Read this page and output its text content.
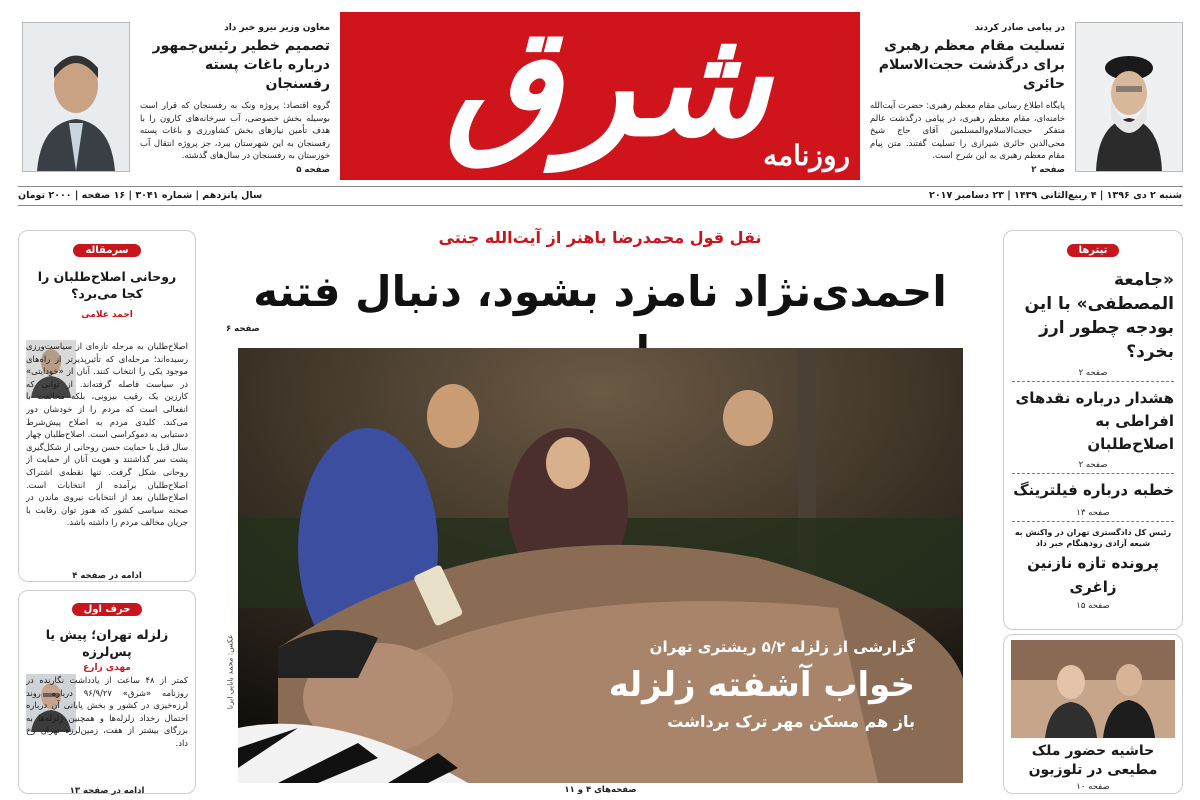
در پیامی صادر کردند
تسلیت مقام معظم رهبری برای درگذشت حجت‌الاسلام حائری
پایگاه اطلاع رسانی مقام معظم رهبری: حضرت آیت‌الله خامنه‌ای، مقام معظم رهبری، در پیامی درگذشت عالم متفکر حجت‌الاسلام‌والمسلمین آقای حاج شیخ محی‌الدین حائری شیرازی را تسلیت گفتند. متن پیام مقام معظم رهبری به این شرح است.
صفحه ۲
شرق
روزنامه
معاون وزیر نیرو خبر داد
تصمیم خطیر رئیس‌جمهور درباره باغات پسته رفسنجان
گروه اقتصاد: پروژه ونک به رفسنجان که قرار است بوسیله بخش خصوصی، آب سرخانه‌های کارون را با هدف تأمین نیازهای بخش کشاورزی و باغات پسته رفسنجان به این شهرستان ببرد، جز پروژه انتقال آب خوزستان به رفسنجان در سال‌های گذشته.
صفحه ۵
شنبه ۲ دی ۱۳۹۶ | ۴ ربیع‌الثانی ۱۴۳۹ | ۲۳ دسامبر ۲۰۱۷
سال پانزدهم | شماره ۳۰۴۱ | ۱۶ صفحه | ۲۰۰۰ تومان
تیترها
«جامعة المصطفی» با این بودجه چطور ارز بخرد؟
صفحه ۲
هشدار درباره نقدهای افراطی به اصلاح‌طلبان
صفحه ۲
خطبه درباره فیلترینگ
صفحه ۱۳
رئیس کل دادگستری تهران در واکنش به شیعه آزادی زودهنگام خبر داد
پرونده تازه نازنین زاغری
صفحه ۱۵
حاشیه حضور ملک مطیعی در تلوزیون
صفحه ۱۰
سرمقاله
روحانی اصلاح‌طلبان را کجا می‌برد؟
احمد غلامی
اصلاح‌طلبان به مرحله تازه‌ای از سیاست‌ورزی رسیده‌اند؛ مرحله‌ای که تأثیرپذیرتر از راه‌های موجود یکی را انتخاب کنند. آنان از «خودایتی» در سیاست فاصله گرفته‌اند. از توانی که کارزین یک رقیب بیرونی، بلکه مخالفت با انفعالی است که مردم را از خودشان دور می‌کند. کلیدی مردم به اصلاح پیش‌شرط دستیابی به دموکراسی است. اصلاح‌طلبان چهار سال قبل با حمایت حسن روحانی از شکل‌گیری پشت سر گذاشتند و هویت آنان از حمایت از روحانی شکل گرفت. تنها نقطه‌ی اشتراک اصلاح‌طلبان برآمده از انتخابات است. اصلاح‌طلبان بعد از انتخابات نیروی ماندن در صحنه سیاسی کشور که هنوز توان رقابت با جریان مخالف مردم را داشته باشد.
ادامه در صفحه ۴
حرف اول
زلزله تهران؛ پیش یا پس‌لرزه
مهدی زارع
کمتر از ۴۸ ساعت از یادداشت نگارنده در روزنامه «شرق» ۹۶/۹/۲۷ درباره روند لرزه‌خیزی در کشور و بخش پایانی آن درباره احتمال رخداد زلزله‌ها و همچنین زلزله‌ها به بزرگای بیشتر از هفت، زمین‌لرزه تهران رخ داد.
ادامه در صفحه ۱۳
نقل قول محمدرضا باهنر از آیت‌الله جنتی
احمدی‌نژاد نامزد بشود، دنبال فتنه
صفحه ۶
گزارشی از زلزله ۵/۲ ریشتری تهران
خواب آشفته زلزله
باز هم مسکن مهر ترک برداشت
عکس: محمد بابایی ایرنا
صفحه‌های ۴ و ۱۱
